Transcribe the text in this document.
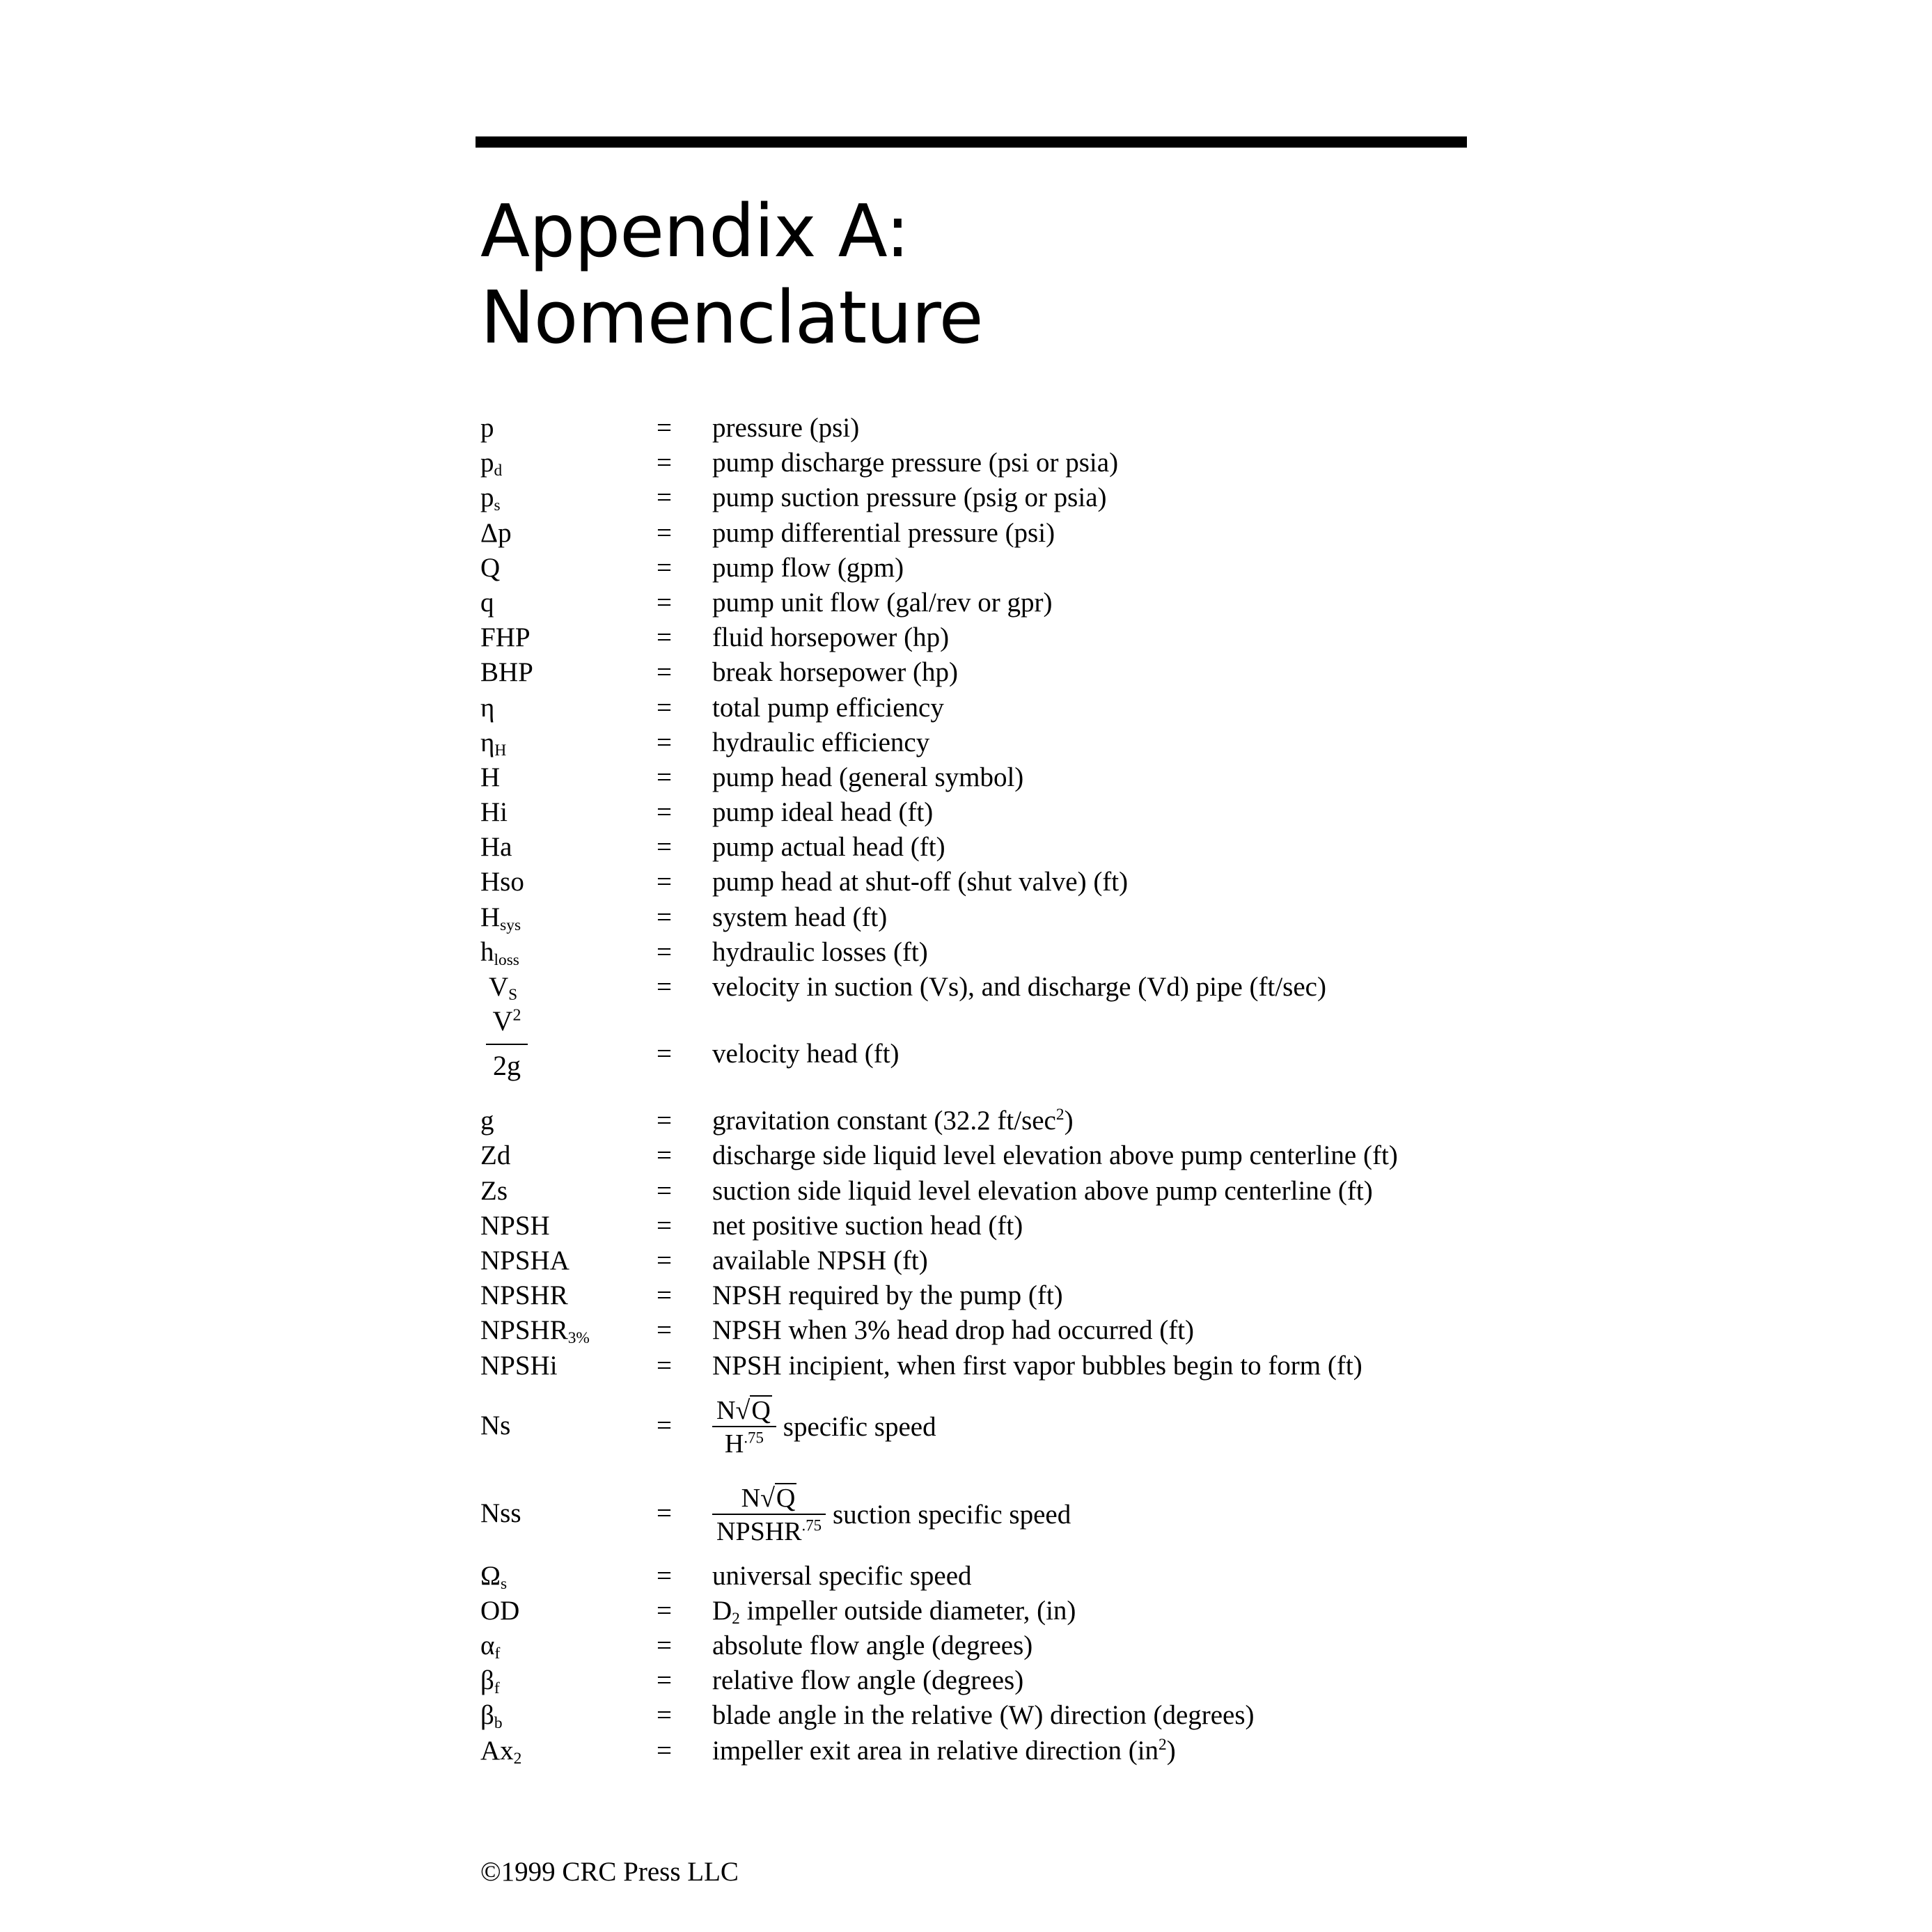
Appendix A:
Nomenclature
p	= pressure (psi)
$p_d$	= pump discharge pressure (psi or psia)
$p_s$	= pump suction pressure (psig or psia)
Δp	= pump differential pressure (psi)
Q	= pump flow (gpm)
q	= pump unit flow (gal/rev or gpr)
FHP	= fluid horsepower (hp)
BHP	= break horsepower (hp)
η	= total pump efficiency
$\eta_H$	= hydraulic efficiency
H	= pump head (general symbol)
Hi	= pump ideal head (ft)
Ha	= pump actual head (ft)
Hso	= pump head at shut-off (shut valve) (ft)
$H_{sys}$	= system head (ft)
$h_{loss}$	= hydraulic losses (ft)
$V_S$	= velocity in suction (Vs), and discharge (Vd) pipe (ft/sec)
$V^2$
2g	= velocity head (ft)
g	= gravitation constant (32.2 $ft/\sec^2$)
Zd	= discharge side liquid level elevation above pump centerline (ft)
Zs	= suction side liquid level elevation above pump centerline (ft)
NPSH	= net positive suction head (ft)
NPSHA	= available NPSH (ft)
NPSHR	= NPSH required by the pump (ft)
$NPSHR_{3\%}$ = NPSH when 3% head drop had occurred (ft)
NPSHi	= NPSH incipient, when first vapor bubbles begin to form (ft)
Ns	= $\frac{N√Q}{H^{.75}}$ specific speed
Nss	= $\frac{N√Q}{NPSHR^{.75}}$ suction specific speed
$\Omega_s$	= universal specific speed
OD	= $D_2$ impeller outside diameter, (in)
$\alpha_f$	= absolute flow angle (degrees)
$\beta_f$	= relative flow angle (degrees)
$\beta_b$	= blade angle in the relative (W) direction (degrees)
$Ax_2$	= impeller exit area in relative direction $(in^2)$
©1999 CRC Press LLC
